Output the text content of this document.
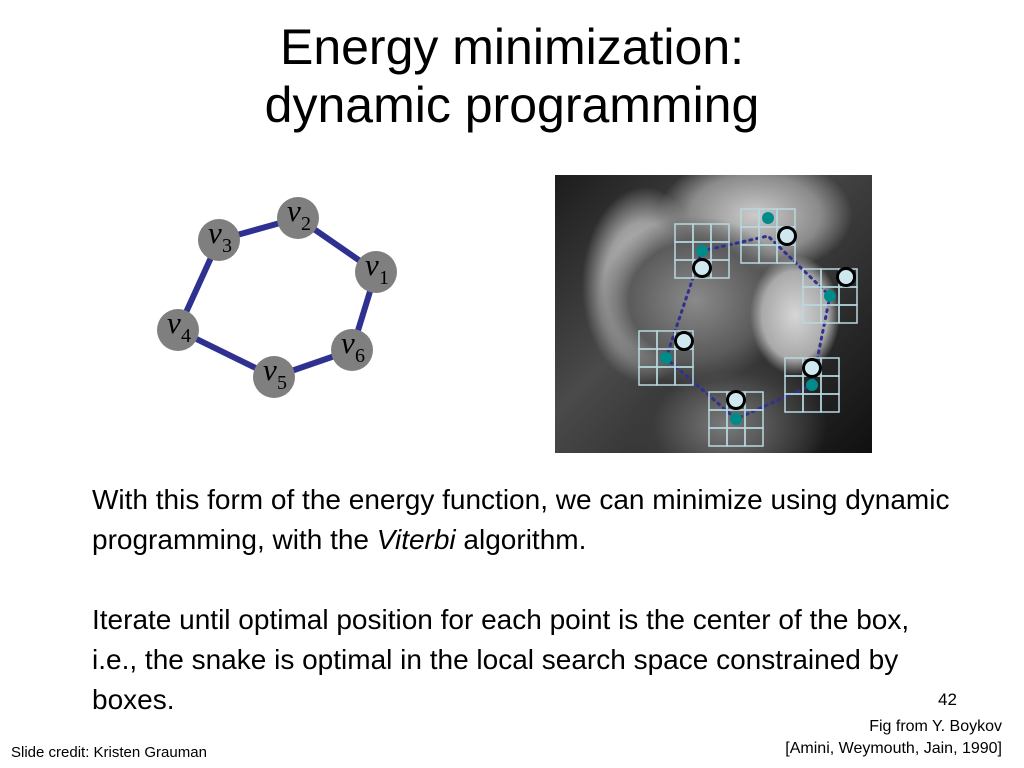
Energy minimization:
dynamic programming
v 1
v 2
v 3
v 4
v 5
v 6

With this form of the energy function, we can minimize using dynamic programming, with the Viterbi algorithm.

Iterate until optimal position for each point is the center of the box, i.e., the snake is optimal in the local search space constrained by boxes.	42
Fig from Y. Boykov
[Amini, Weymouth, Jain, 1990]
Slide credit: Kristen Grauman
